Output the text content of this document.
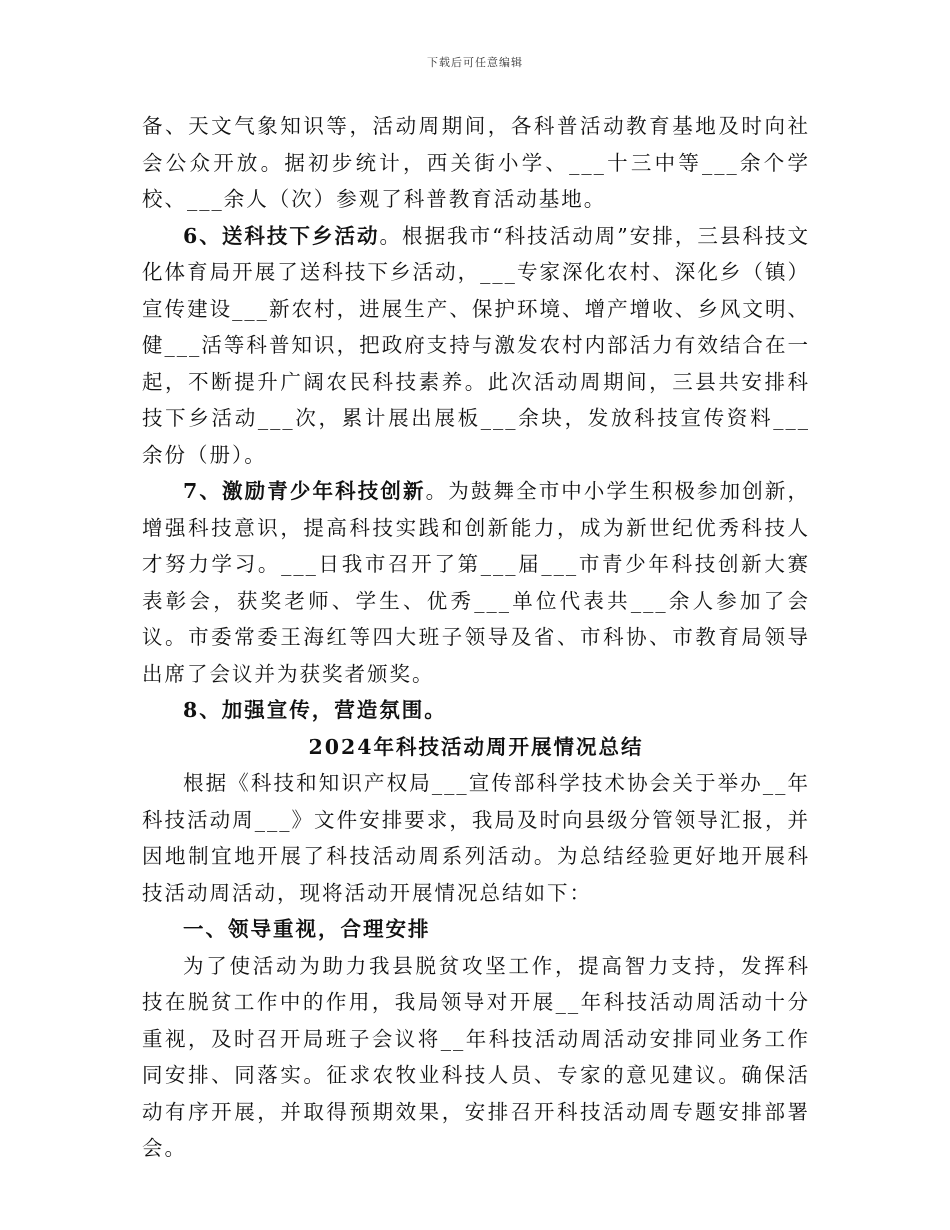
下载后可任意编辑

备、天文气象知识等，活动周期间，各科普活动教育基地及时向社会公众开放。据初步统计，西关街小学、___十三中等___余个学校、___余人（次）参观了科普教育活动基地。

6、送科技下乡活动。根据我市“科技活动周”安排，三县科技文化体育局开展了送科技下乡活动，___专家深化农村、深化乡（镇）宣传建设___新农村，进展生产、保护环境、增产增收、乡风文明、健___活等科普知识，把政府支持与激发农村内部活力有效结合在一起，不断提升广阔农民科技素养。此次活动周期间，三县共安排科技下乡活动___次，累计展出展板___余块，发放科技宣传资料___余份（册）。

7、激励青少年科技创新。为鼓舞全市中小学生积极参加创新，增强科技意识，提高科技实践和创新能力，成为新世纪优秀科技人才努力学习。___日我市召开了第___届___市青少年科技创新大赛表彰会，获奖老师、学生、优秀___单位代表共___余人参加了会议。市委常委王海红等四大班子领导及省、市科协、市教育局领导出席了会议并为获奖者颁奖。

8、加强宣传，营造氛围。

2024年科技活动周开展情况总结

根据《科技和知识产权局___宣传部科学技术协会关于举办__年科技活动周___》文件安排要求，我局及时向县级分管领导汇报，并因地制宜地开展了科技活动周系列活动。为总结经验更好地开展科技活动周活动，现将活动开展情况总结如下：

一、领导重视，合理安排

为了使活动为助力我县脱贫攻坚工作，提高智力支持，发挥科技在脱贫工作中的作用，我局领导对开展__年科技活动周活动十分重视，及时召开局班子会议将__年科技活动周活动安排同业务工作同安排、同落实。征求农牧业科技人员、专家的意见建议。确保活动有序开展，并取得预期效果，安排召开科技活动周专题安排部署会。
